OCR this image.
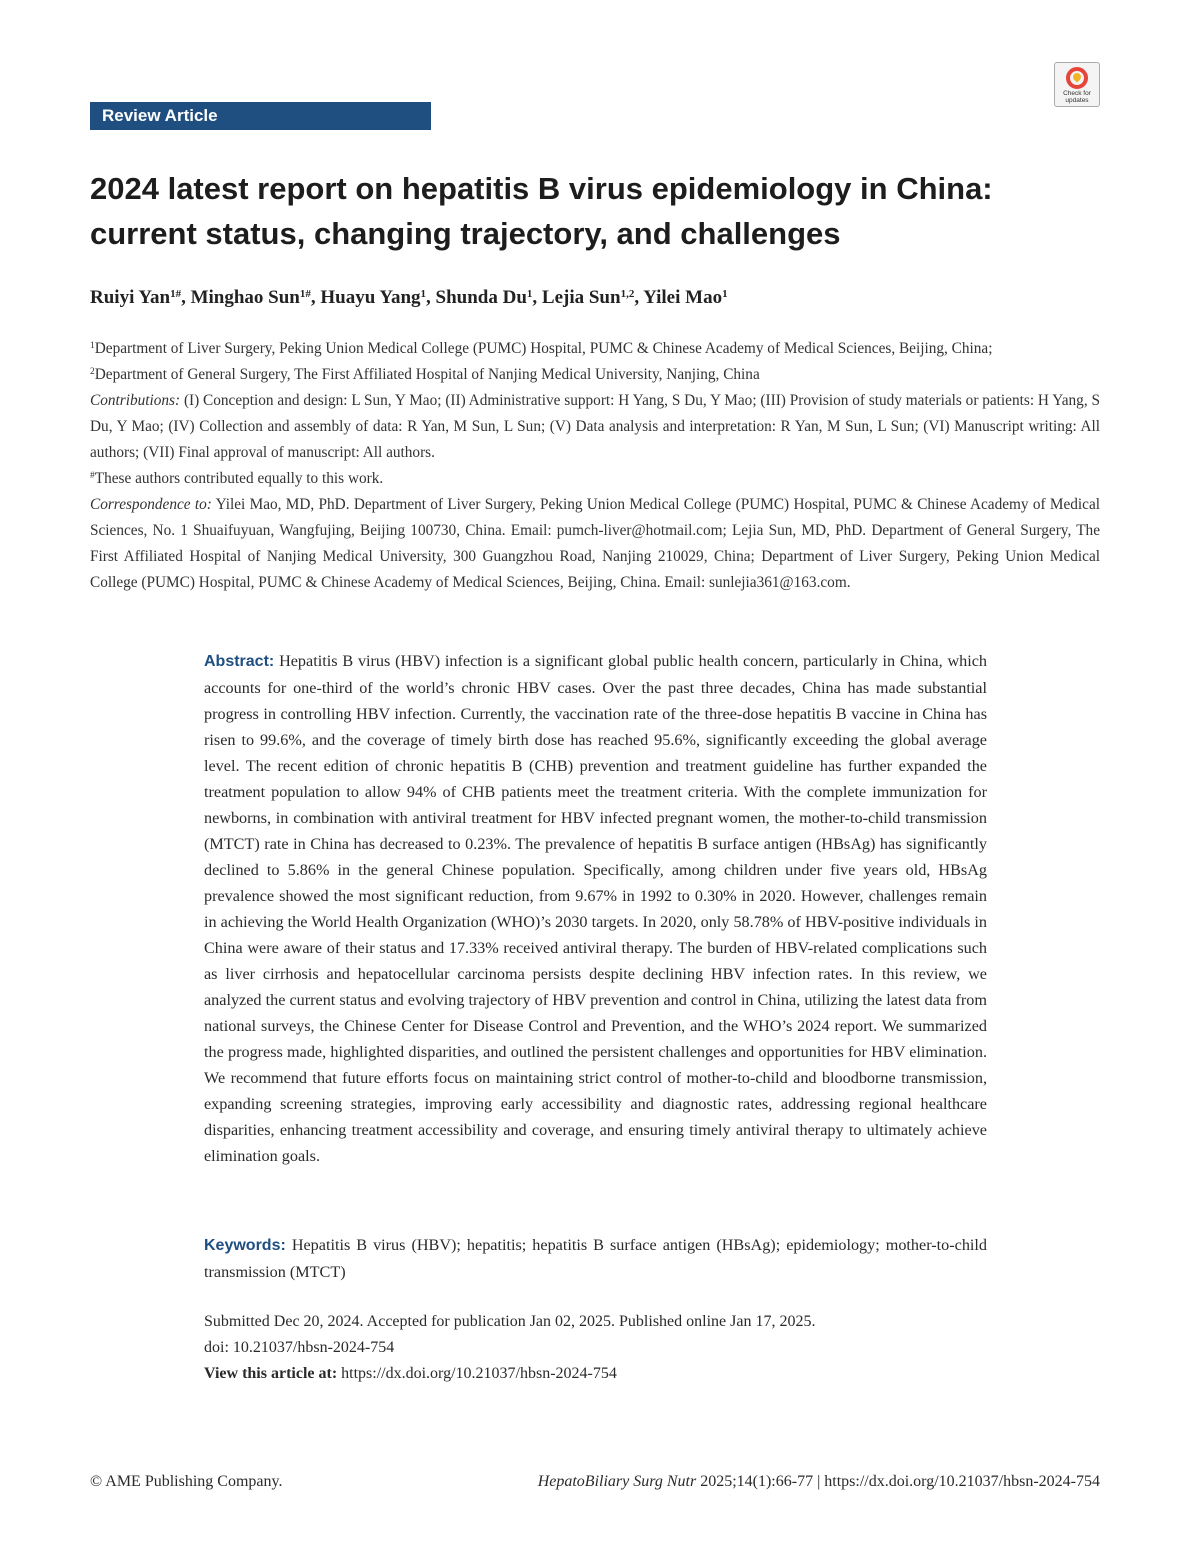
Review Article
Check for updates
2024 latest report on hepatitis B virus epidemiology in China: current status, changing trajectory, and challenges
Ruiyi Yan$^{1\#}$, Minghao Sun$^{1\#}$, Huayu Yang$^1$, Shunda Du$^1$, Lejia Sun$^{1,2}$, Yilei Mao$^1$

$^1$Department of Liver Surgery, Peking Union Medical College (PUMC) Hospital, PUMC & Chinese Academy of Medical Sciences, Beijing, China;

$^2$Department of General Surgery, The First Affiliated Hospital of Nanjing Medical University, Nanjing, China

Contributions: (I) Conception and design: L Sun, Y Mao; (II) Administrative support: H Yang, S Du, Y Mao; (III) Provision of study materials or patients: H Yang, S Du, Y Mao; (IV) Collection and assembly of data: R Yan, M Sun, L Sun; (V) Data analysis and interpretation: R Yan, M Sun, L Sun; (VI) Manuscript writing: All authors; (VII) Final approval of manuscript: All authors.

#These authors contributed equally to this work.

Correspondence to: Yilei Mao, MD, PhD. Department of Liver Surgery, Peking Union Medical College (PUMC) Hospital, PUMC & Chinese Academy of Medical Sciences, No. 1 Shuaifuyuan, Wangfujing, Beijing 100730, China. Email: pumch-liver@hotmail.com; Lejia Sun, MD, PhD. Department of General Surgery, The First Affiliated Hospital of Nanjing Medical University, 300 Guangzhou Road, Nanjing 210029, China; Department of Liver Surgery, Peking Union Medical College (PUMC) Hospital, PUMC & Chinese Academy of Medical Sciences, Beijing, China. Email: sunlejia361@163.com.

Abstract: Hepatitis B virus (HBV) infection is a significant global public health concern, particularly in China, which accounts for one-third of the world’s chronic HBV cases. Over the past three decades, China has made substantial progress in controlling HBV infection. Currently, the vaccination rate of the three-dose hepatitis B vaccine in China has risen to 99.6%, and the coverage of timely birth dose has reached 95.6%, significantly exceeding the global average level. The recent edition of chronic hepatitis B (CHB) prevention and treatment guideline has further expanded the treatment population to allow 94% of CHB patients meet the treatment criteria. With the complete immunization for newborns, in combination with antiviral treatment for HBV infected pregnant women, the mother-to-child transmission (MTCT) rate in China has decreased to 0.23%. The prevalence of hepatitis B surface antigen (HBsAg) has significantly declined to 5.86% in the general Chinese population. Specifically, among children under five years old, HBsAg prevalence showed the most significant reduction, from 9.67% in 1992 to 0.30% in 2020. However, challenges remain in achieving the World Health Organization (WHO)’s 2030 targets. In 2020, only 58.78% of HBV-positive individuals in China were aware of their status and 17.33% received antiviral therapy. The burden of HBV-related complications such as liver cirrhosis and hepatocellular carcinoma persists despite declining HBV infection rates. In this review, we analyzed the current status and evolving trajectory of HBV prevention and control in China, utilizing the latest data from national surveys, the Chinese Center for Disease Control and Prevention, and the WHO’s 2024 report. We summarized the progress made, highlighted disparities, and outlined the persistent challenges and opportunities for HBV elimination. We recommend that future efforts focus on maintaining strict control of mother-to-child and bloodborne transmission, expanding screening strategies, improving early accessibility and diagnostic rates, addressing regional healthcare disparities, enhancing treatment accessibility and coverage, and ensuring timely antiviral therapy to ultimately achieve elimination goals.

Keywords: Hepatitis B virus (HBV); hepatitis; hepatitis B surface antigen (HBsAg); epidemiology; mother-to-child transmission (MTCT)

Submitted Dec 20, 2024. Accepted for publication Jan 02, 2025. Published online Jan 17, 2025.
doi: 10.21037/hbsn-2024-754
View this article at: https://dx.doi.org/10.21037/hbsn-2024-754
© AME Publishing Company.	HepatoBiliary Surg Nutr 2025;14(1):66-77 | https://dx.doi.org/10.21037/hbsn-2024-754
